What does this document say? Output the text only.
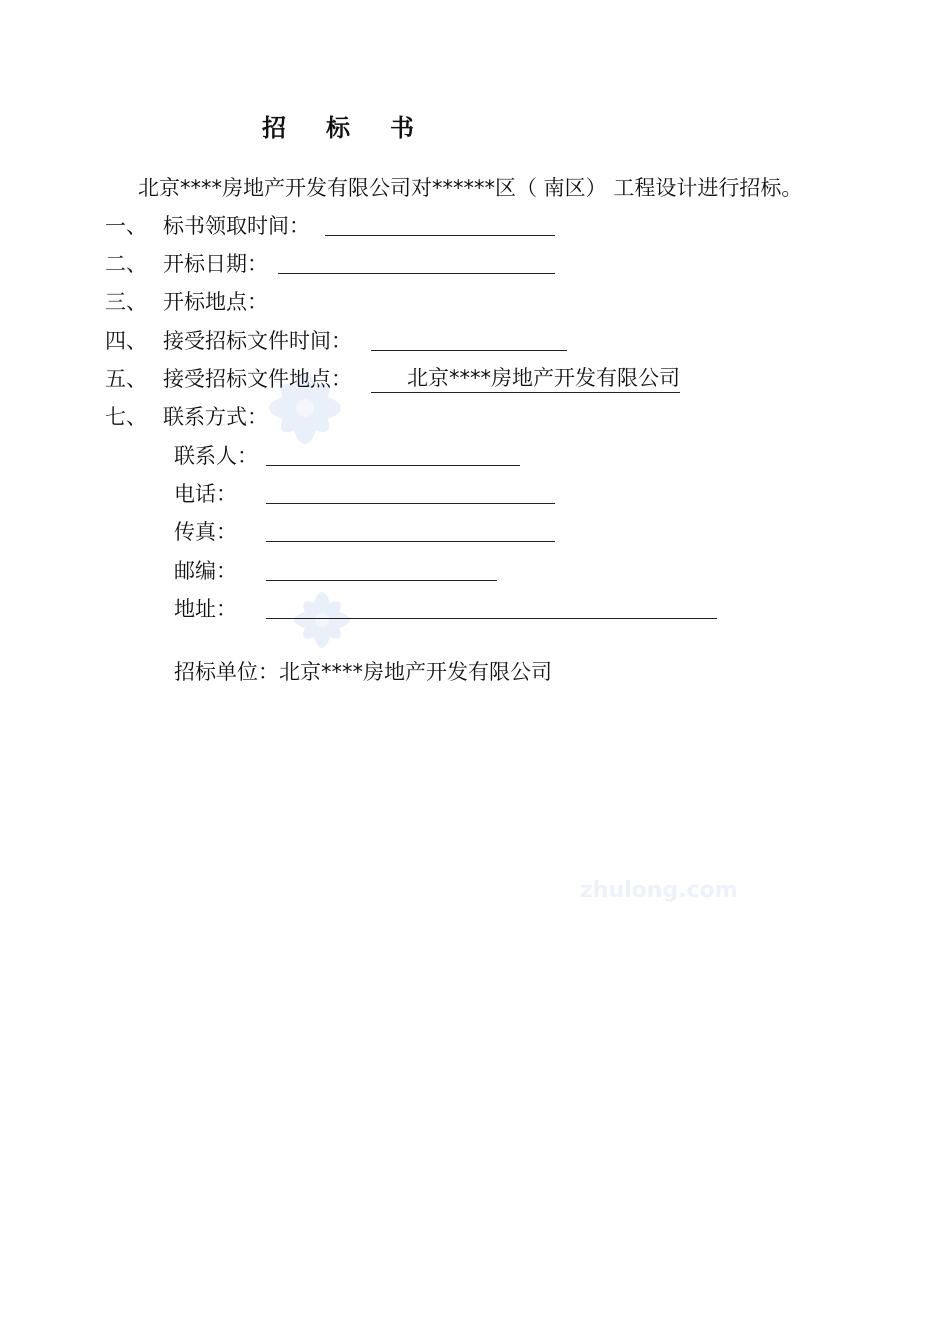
zhulong.com
招 标 书
北京****房地产开发有限公司对******区（ 南区） 工程设计进行招标。
一、 标书领取时间：
二、 开标日期：
三、 开标地点：
四、 接受招标文件时间：
五、 接受招标文件地点：	北京****房地产开发有限公司
七、 联系方式：
联系人：
电话：
传真：
邮编：
地址：
招标单位：北京****房地产开发有限公司
